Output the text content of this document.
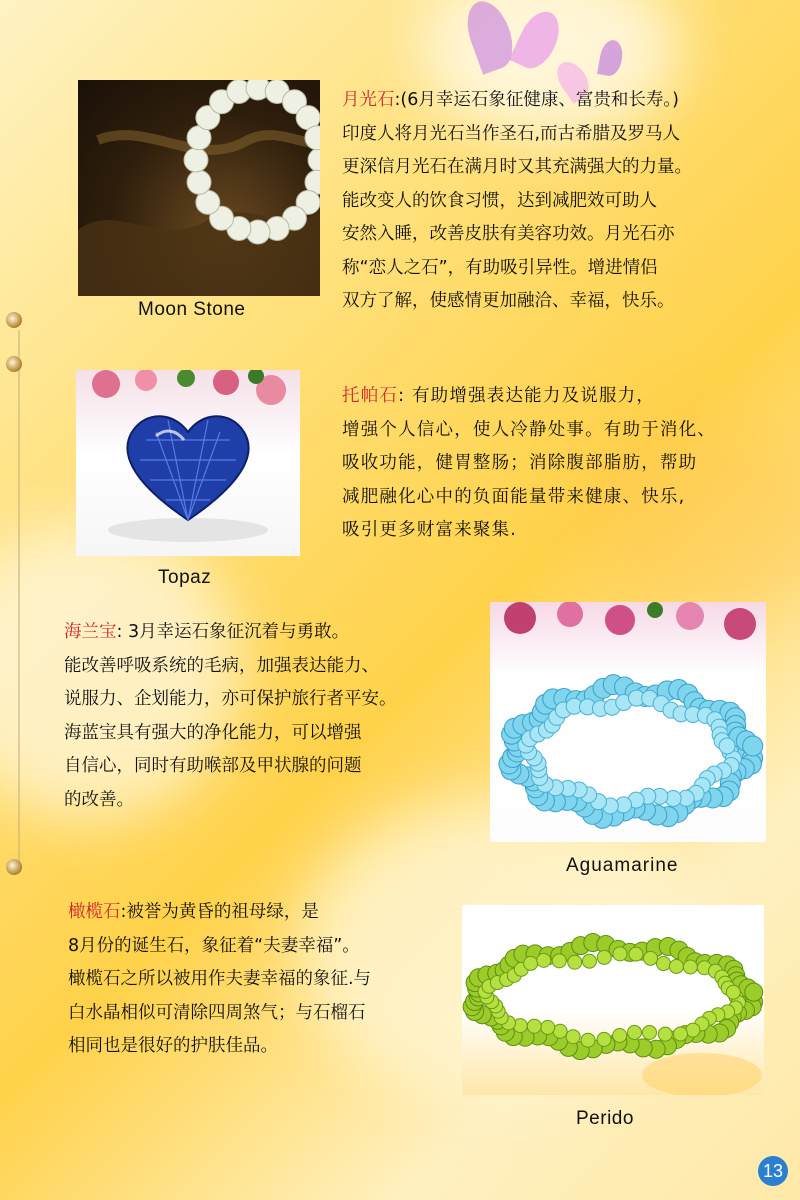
Moon Stone

月光石:(6月幸运石象征健康、富贵和长寿。)

印度人将月光石当作圣石,而古希腊及罗马人

更深信月光石在满月时又其充满强大的力量。

能改变人的饮食习惯，达到减肥效可助人

安然入睡，改善皮肤有美容功效。月光石亦

称“恋人之石”，有助吸引异性。增进情侣

双方了解，使感情更加融洽、幸福，快乐。

Topaz

托帕石: 有助增强表达能力及说服力，

增强个人信心，使人冷静处事。有助于消化、

吸收功能，健胃整肠；消除腹部脂肪，帮助

减肥融化心中的负面能量带来健康、快乐,

吸引更多财富来聚集.

海兰宝: 3月幸运石象征沉着与勇敢。

能改善呼吸系统的毛病，加强表达能力、

说服力、企划能力，亦可保护旅行者平安。

海蓝宝具有强大的净化能力，可以增强

自信心，同时有助喉部及甲状腺的问题

的改善。

Aguamarine

橄榄石:被誉为黄昏的祖母绿，是

8月份的诞生石，象征着“夫妻幸福”。

橄榄石之所以被用作夫妻幸福的象征.与

白水晶相似可清除四周煞气；与石榴石

相同也是很好的护肤佳品。

Perido
13
